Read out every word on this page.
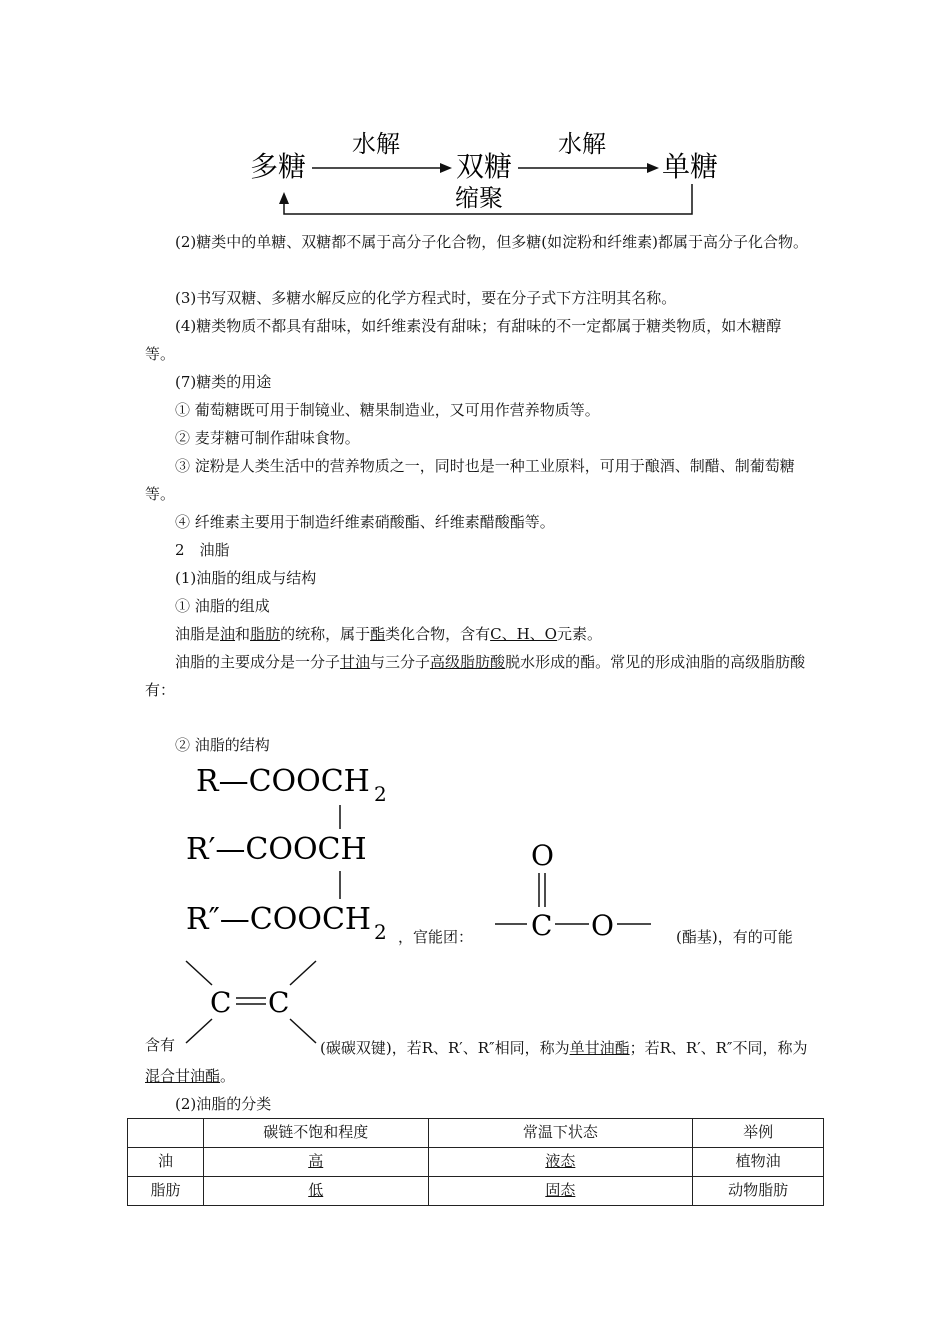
多糖
水解
双糖
水解
单糖
缩聚
(2)糖类中的单糖、双糖都不属于高分子化合物，但多糖(如淀粉和纤维素)都属于高分子化合物。
(3)书写双糖、多糖水解反应的化学方程式时，要在分子式下方注明其名称。
(4)糖类物质不都具有甜味，如纤维素没有甜味；有甜味的不一定都属于糖类物质，如木糖醇等。
(7)糖类的用途
① 葡萄糖既可用于制镜业、糖果制造业，又可用作营养物质等。
② 麦芽糖可制作甜味食物。
③ 淀粉是人类生活中的营养物质之一，同时也是一种工业原料，可用于酿酒、制醋、制葡萄糖等。
④ 纤维素主要用于制造纤维素硝酸酯、纤维素醋酸酯等。
2　油脂
(1)油脂的组成与结构
① 油脂的组成
油脂是油和脂肪的统称，属于酯类化合物，含有C、H、O元素。
油脂的主要成分是一分子甘油与三分子高级脂肪酸脱水形成的酯。常见的形成油脂的高级脂肪酸有：
② 油脂的结构
R—COOCH 2
R′—COOCH
R″—COOCH 2 ，官能团：
O
C O	(酯基)，有的可能
C C
含有	(碳碳双键)，若R、R′、R″相同，称为单甘油酯；若R、R′、R″不同，称为混合甘油酯。
(2)油脂的分类
	碳链不饱和程度	常温下状态	举例
油	高	液态	植物油
脂肪	低	固态	动物脂肪
